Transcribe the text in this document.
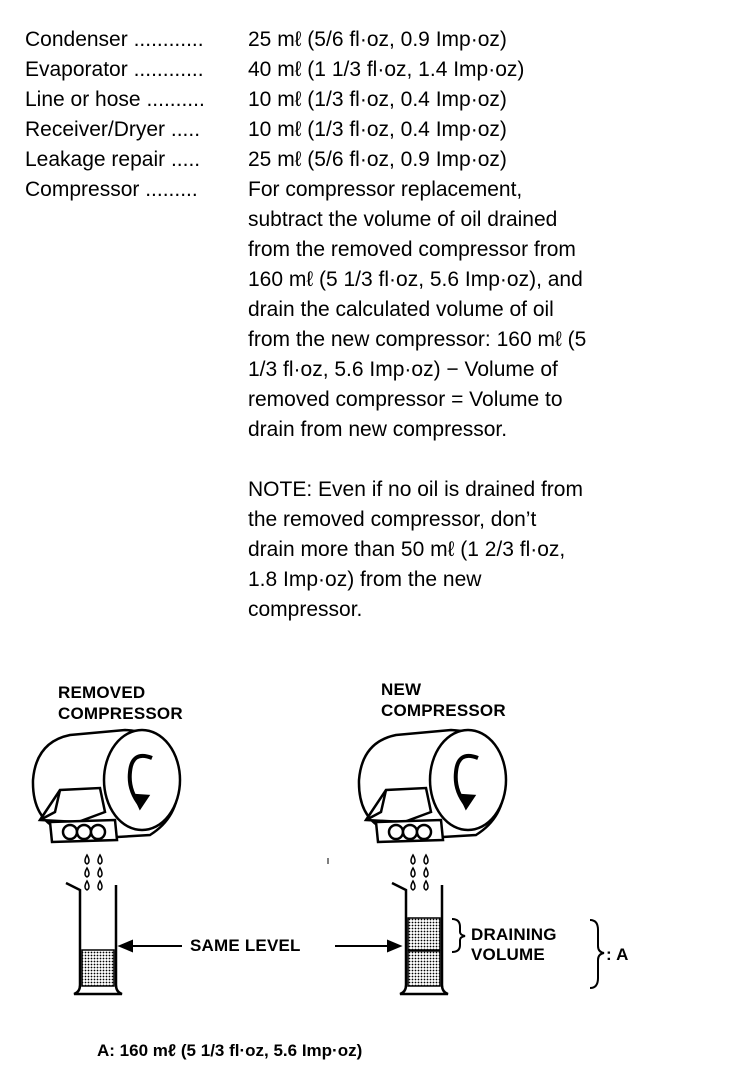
Condenser ............ 25 mℓ (5/6 fl·oz, 0.9 Imp·oz)
Evaporator ............ 40 mℓ (1 1/3 fl·oz, 1.4 Imp·oz)
Line or hose .......... 10 mℓ (1/3 fl·oz, 0.4 Imp·oz)
Receiver/Dryer ..... 10 mℓ (1/3 fl·oz, 0.4 Imp·oz)
Leakage repair ..... 25 mℓ (5/6 fl·oz, 0.9 Imp·oz)
Compressor ......... For compressor replacement,
subtract the volume of oil drained
from the removed compressor from
160 mℓ (5 1/3 fl·oz, 5.6 Imp·oz), and
drain the calculated volume of oil
from the new compressor: 160 mℓ (5
1/3 fl·oz, 5.6 Imp·oz) − Volume of
removed compressor = Volume to
drain from new compressor.
NOTE: Even if no oil is drained from
the removed compressor, don’t
drain more than 50 mℓ (1 2/3 fl·oz,
1.8 Imp·oz) from the new
compressor.
REMOVED
COMPRESSOR
NEW
COMPRESSOR
SAME LEVEL
DRAINING
VOLUME	: A
A: 160 mℓ (5 1/3 fl·oz, 5.6 Imp·oz)
